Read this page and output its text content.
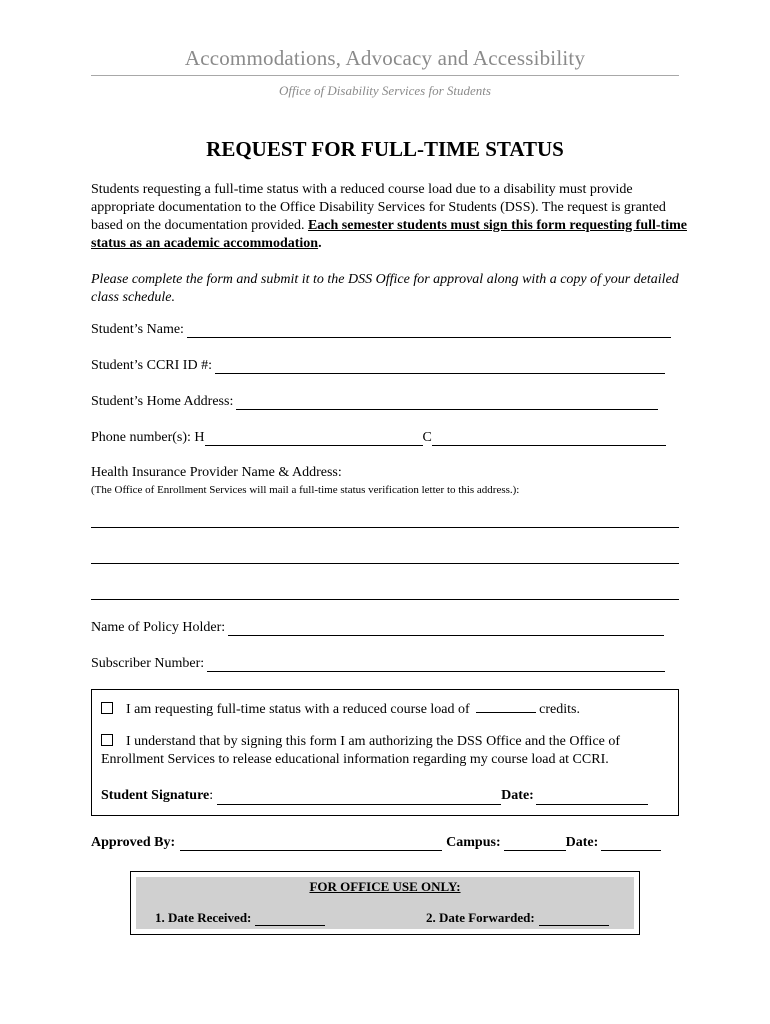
Accommodations, Advocacy and Accessibility
Office of Disability Services for Students
REQUEST FOR FULL-TIME STATUS
Students requesting a full-time status with a reduced course load due to a disability must provide appropriate documentation to the Office Disability Services for Students (DSS). The request is granted based on the documentation provided. Each semester students must sign this form requesting full-time status as an academic accommodation.
Please complete the form and submit it to the DSS Office for approval along with a copy of your detailed class schedule.
Student’s Name:
Student’s CCRI ID #:
Student’s Home Address:
Phone number(s): H	C
Health Insurance Provider Name & Address:
(The Office of Enrollment Services will mail a full-time status verification letter to this address.):
Name of Policy Holder:
Subscriber Number:
I am requesting full-time status with a reduced course load of	credits.
I understand that by signing this form I am authorizing the DSS Office and the Office of Enrollment Services to release educational information regarding my course load at CCRI.
Student Signature :	Date:
Approved By:	Campus:	Date:
FOR OFFICE USE ONLY:
1. Date Received:	2. Date Forwarded:
